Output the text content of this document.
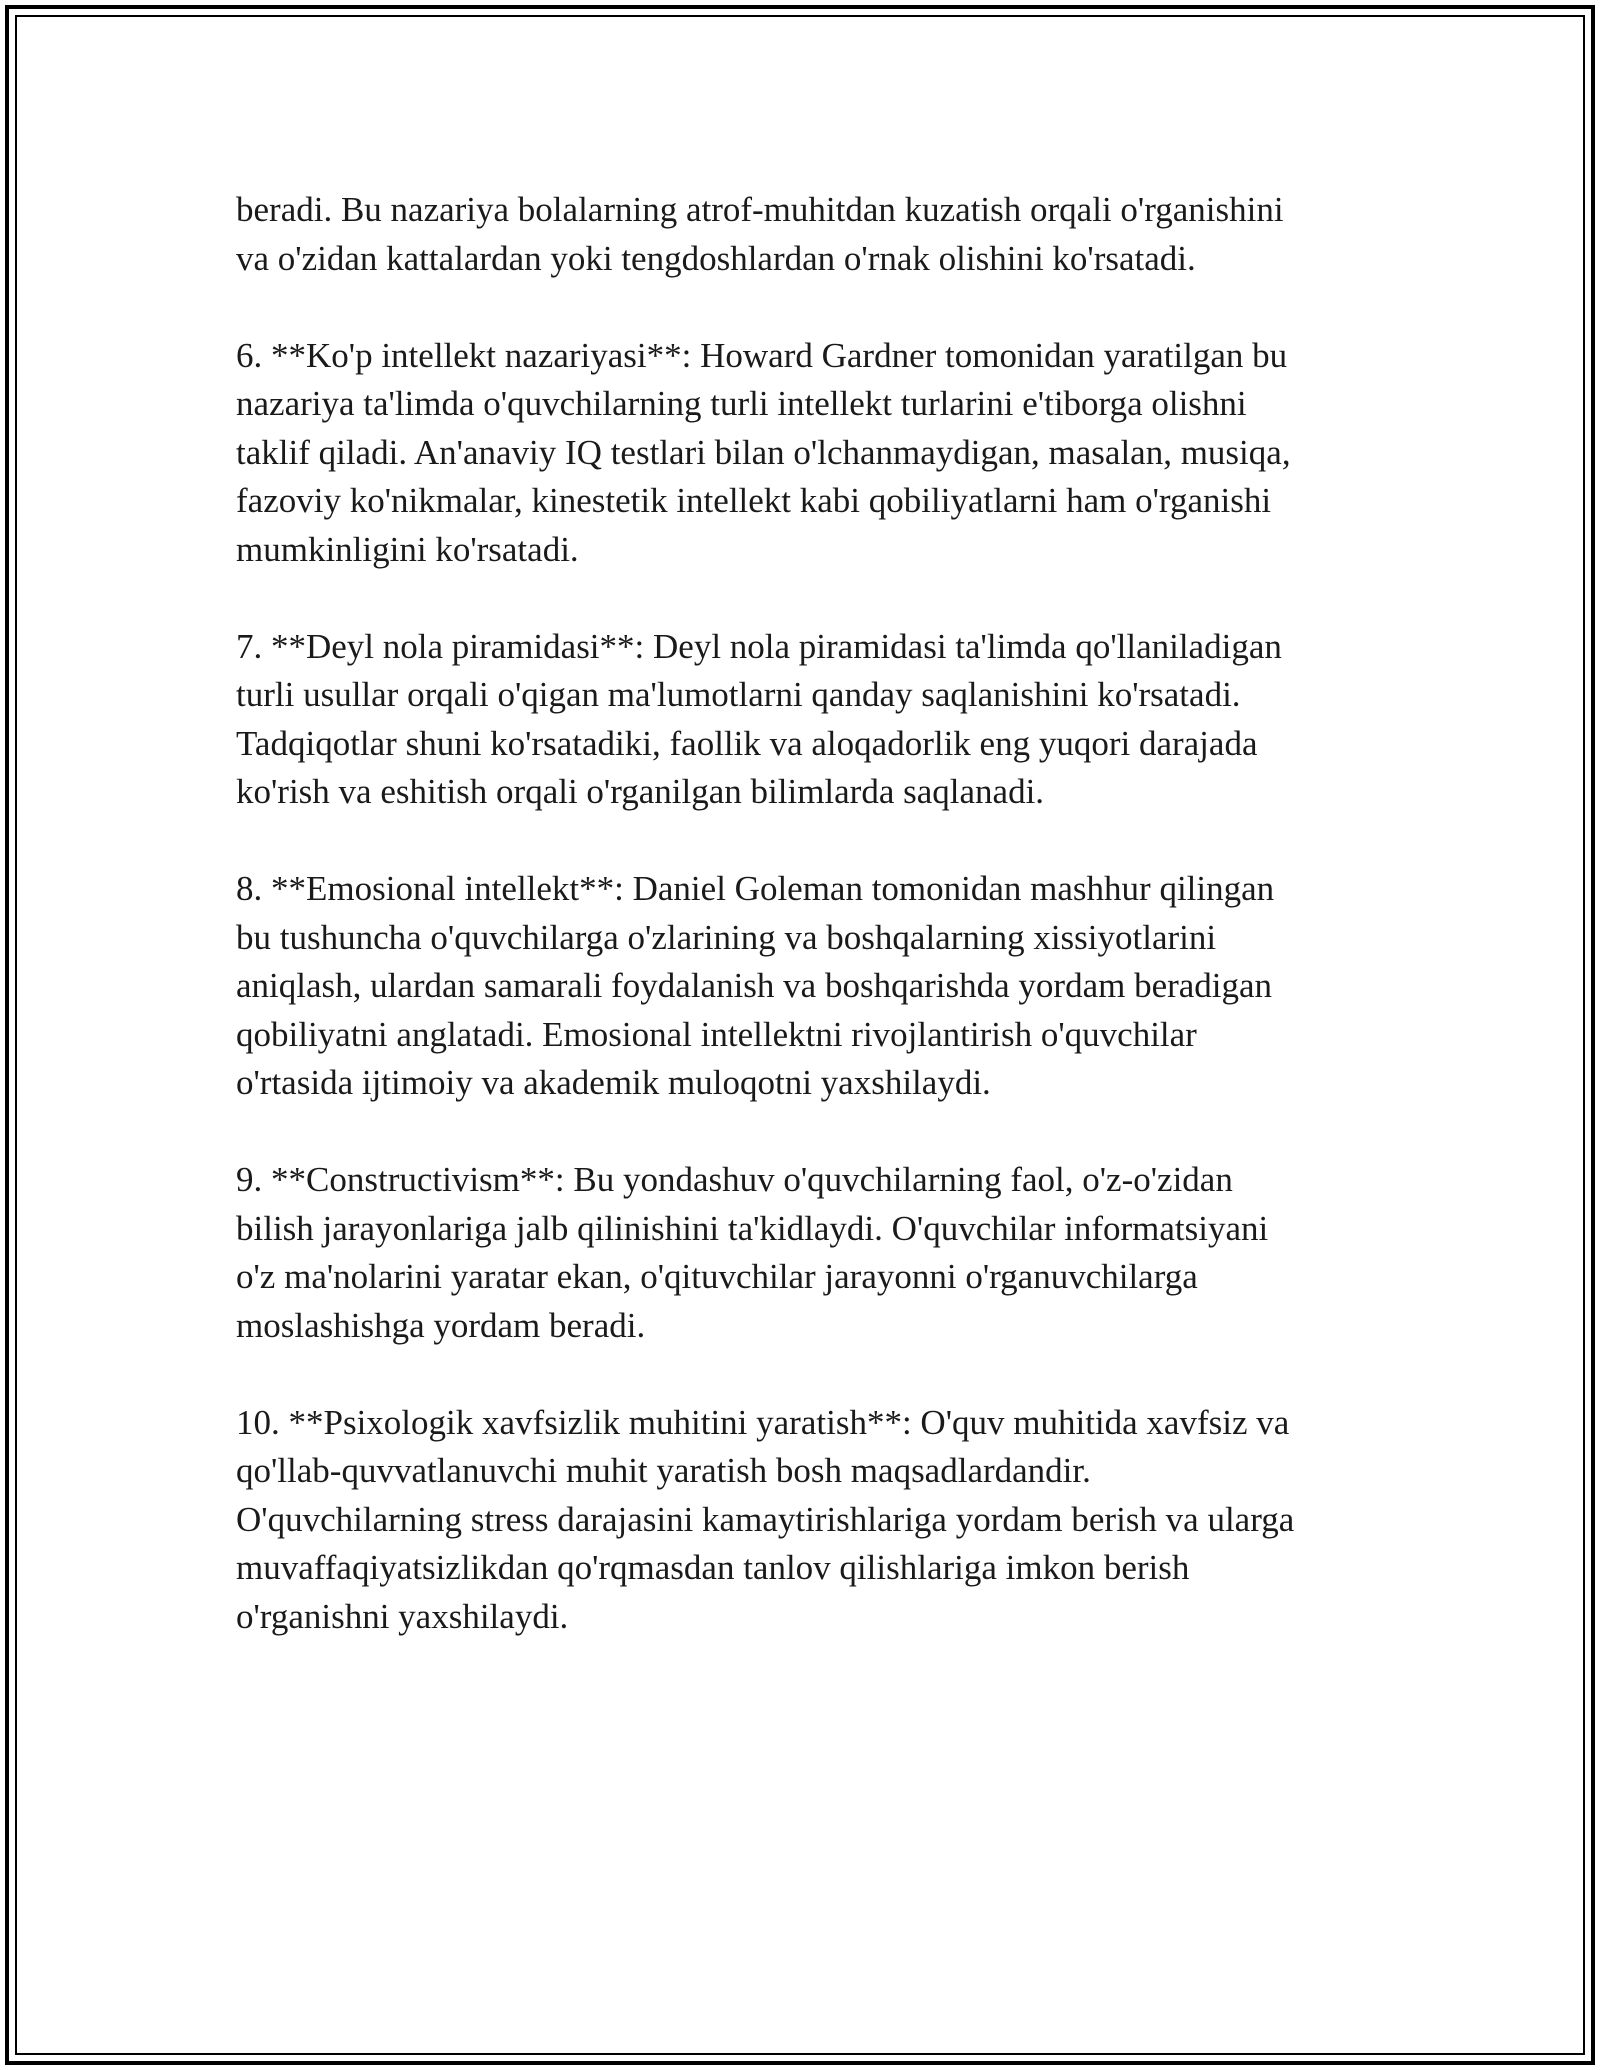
beradi. Bu nazariya bolalarning atrof-muhitdan kuzatish orqali o'rganishini
va o'zidan kattalardan yoki tengdoshlardan o'rnak olishini ko'rsatadi.

6. **Ko'p intellekt nazariyasi**: Howard Gardner tomonidan yaratilgan bu
nazariya ta'limda o'quvchilarning turli intellekt turlarini e'tiborga olishni
taklif qiladi. An'anaviy IQ testlari bilan o'lchanmaydigan, masalan, musiqa,
fazoviy ko'nikmalar, kinestetik intellekt kabi qobiliyatlarni ham o'rganishi
mumkinligini ko'rsatadi.

7. **Deyl nola piramidasi**: Deyl nola piramidasi ta'limda qo'llaniladigan
turli usullar orqali o'qigan ma'lumotlarni qanday saqlanishini ko'rsatadi.
Tadqiqotlar shuni ko'rsatadiki, faollik va aloqadorlik eng yuqori darajada
ko'rish va eshitish orqali o'rganilgan bilimlarda saqlanadi.

8. **Emosional intellekt**: Daniel Goleman tomonidan mashhur qilingan
bu tushuncha o'quvchilarga o'zlarining va boshqalarning xissiyotlarini
aniqlash, ulardan samarali foydalanish va boshqarishda yordam beradigan
qobiliyatni anglatadi. Emosional intellektni rivojlantirish o'quvchilar
o'rtasida ijtimoiy va akademik muloqotni yaxshilaydi.

9. **Constructivism**: Bu yondashuv o'quvchilarning faol, o'z-o'zidan
bilish jarayonlariga jalb qilinishini ta'kidlaydi. O'quvchilar informatsiyani
o'z ma'nolarini yaratar ekan, o'qituvchilar jarayonni o'rganuvchilarga
moslashishga yordam beradi.

10. **Psixologik xavfsizlik muhitini yaratish**: O'quv muhitida xavfsiz va
qo'llab-quvvatlanuvchi muhit yaratish bosh maqsadlardandir.
O'quvchilarning stress darajasini kamaytirishlariga yordam berish va ularga
muvaffaqiyatsizlikdan qo'rqmasdan tanlov qilishlariga imkon berish
o'rganishni yaxshilaydi.
